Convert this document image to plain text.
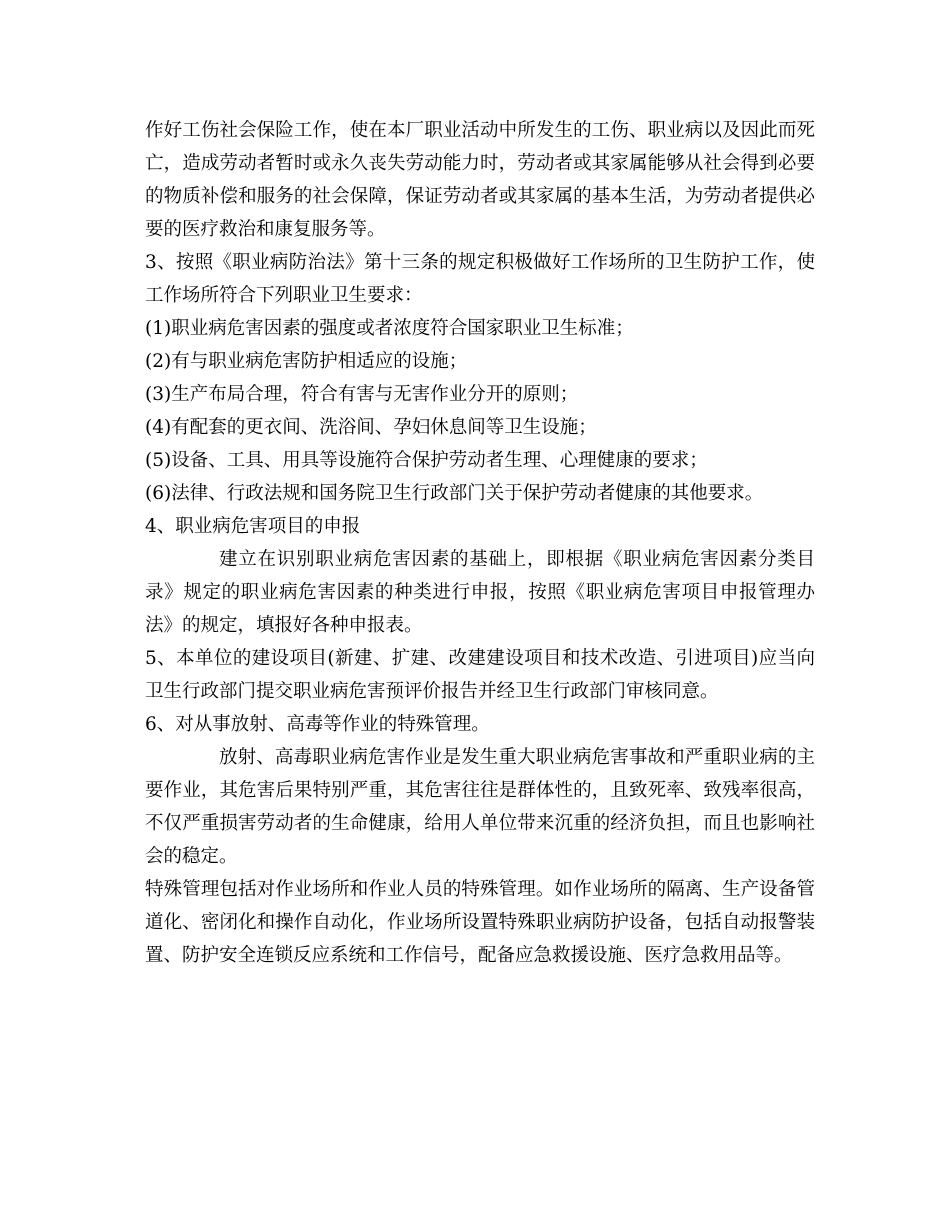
作好工伤社会保险工作，使在本厂职业活动中所发生的工伤、职业病以及因此而死亡，造成劳动者暂时或永久丧失劳动能力时，劳动者或其家属能够从社会得到必要的物质补偿和服务的社会保障，保证劳动者或其家属的基本生活，为劳动者提供必要的医疗救治和康复服务等。

3、按照《职业病防治法》第十三条的规定积极做好工作场所的卫生防护工作，使工作场所符合下列职业卫生要求：

(1)职业病危害因素的强度或者浓度符合国家职业卫生标准；

(2)有与职业病危害防护相适应的设施；

(3)生产布局合理，符合有害与无害作业分开的原则；

(4)有配套的更衣间、洗浴间、孕妇休息间等卫生设施；

(5)设备、工具、用具等设施符合保护劳动者生理、心理健康的要求；

(6)法律、行政法规和国务院卫生行政部门关于保护劳动者健康的其他要求。

4、职业病危害项目的申报

建立在识别职业病危害因素的基础上，即根据《职业病危害因素分类目录》规定的职业病危害因素的种类进行申报，按照《职业病危害项目申报管理办法》的规定，填报好各种申报表。

5、本单位的建设项目(新建、扩建、改建建设项目和技术改造、引进项目)应当向卫生行政部门提交职业病危害预评价报告并经卫生行政部门审核同意。

6、对从事放射、高毒等作业的特殊管理。

放射、高毒职业病危害作业是发生重大职业病危害事故和严重职业病的主要作业，其危害后果特别严重，其危害往往是群体性的，且致死率、致残率很高，不仅严重损害劳动者的生命健康，给用人单位带来沉重的经济负担，而且也影响社会的稳定。

特殊管理包括对作业场所和作业人员的特殊管理。如作业场所的隔离、生产设备管道化、密闭化和操作自动化，作业场所设置特殊职业病防护设备，包括自动报警装置、防护安全连锁反应系统和工作信号，配备应急救援设施、医疗急救用品等。
